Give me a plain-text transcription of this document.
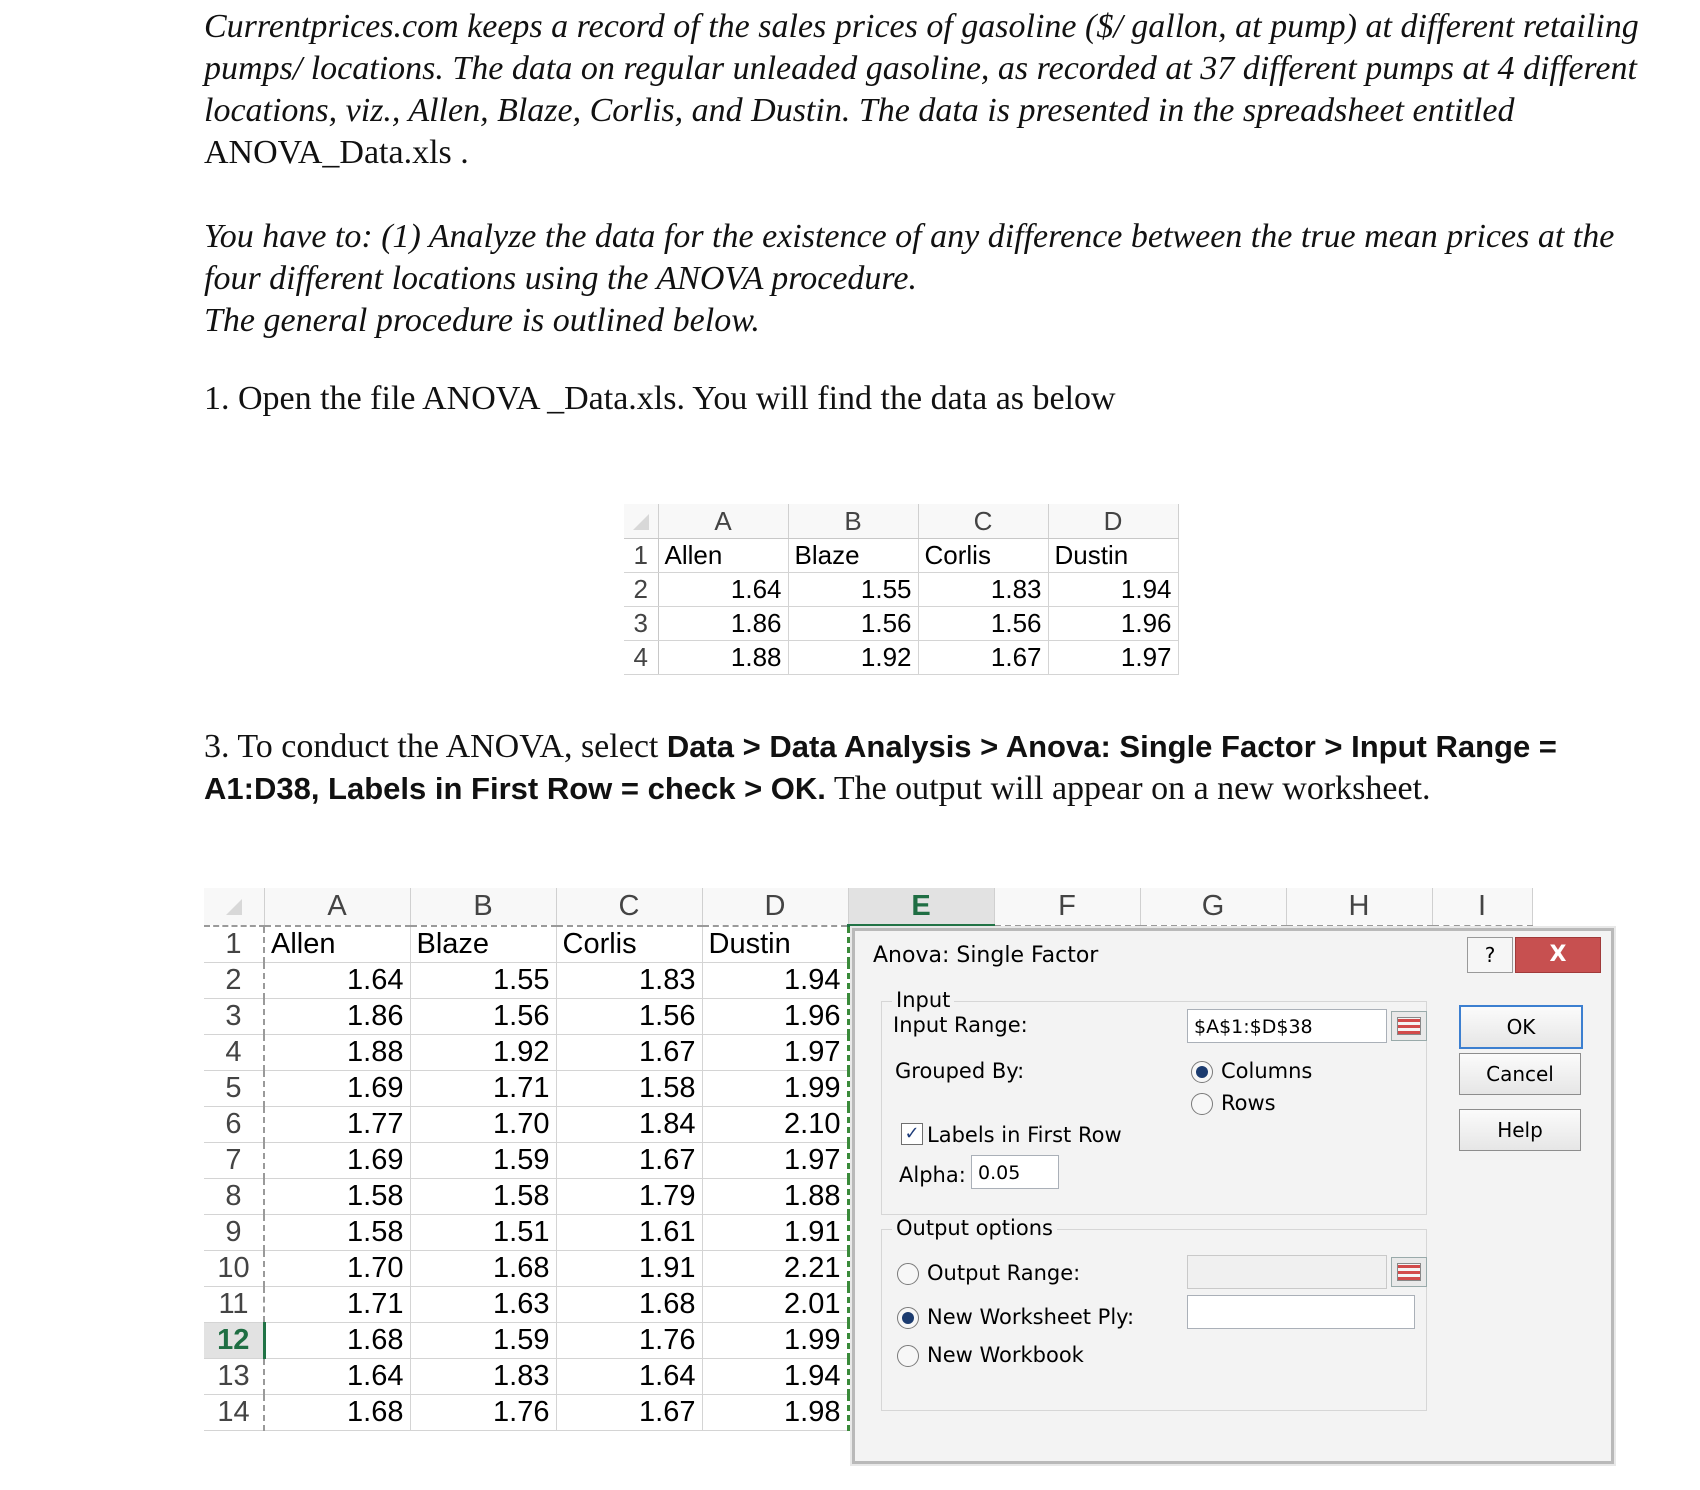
Currentprices.com keeps a record of the sales prices of gasoline ($/ gallon, at pump) at different retailing pumps/ locations. The data on regular unleaded gasoline, as recorded at 37 different pumps at 4 different locations, viz., Allen, Blaze, Corlis, and Dustin. The data is presented in the spreadsheet entitled ANOVA_Data.xls .

You have to: (1) Analyze the data for the existence of any difference between the true mean prices at the four different locations using the ANOVA procedure.
The general procedure is outlined below.

1. Open the file ANOVA _Data.xls. You will find the data as below

3. To conduct the ANOVA, select Data > Data Analysis > Anova: Single Factor > Input Range = A1:D38, Labels in First Row = check > OK. The output will appear on a new worksheet.

	A	B	C	D
1	Allen	Blaze	Corlis	Dustin
2	1.64	1.55	1.83	1.94
3	1.86	1.56	1.56	1.96
4	1.88	1.92	1.67	1.97
	A	B	C	D	E	F	G	H	I
1	Allen	Blaze	Corlis	Dustin					
2	1.64	1.55	1.83	1.94					
3	1.86	1.56	1.56	1.96					
4	1.88	1.92	1.67	1.97					
5	1.69	1.71	1.58	1.99					
6	1.77	1.70	1.84	2.10					
7	1.69	1.59	1.67	1.97					
8	1.58	1.58	1.79	1.88					
9	1.58	1.51	1.61	1.91					
10	1.70	1.68	1.91	2.21					
11	1.71	1.63	1.68	2.01					
12	1.68	1.59	1.76	1.99					
13	1.64	1.83	1.64	1.94					
14	1.68	1.76	1.67	1.98					
Anova: Single Factor	?	X
Input
Input Range:	$A$1:$D$38
Grouped By:	Columns
Rows
✓ Labels in First Row
Alpha: 0.05
Output options
Output Range:
New Worksheet Ply:
New Workbook
OK
Cancel
Help
